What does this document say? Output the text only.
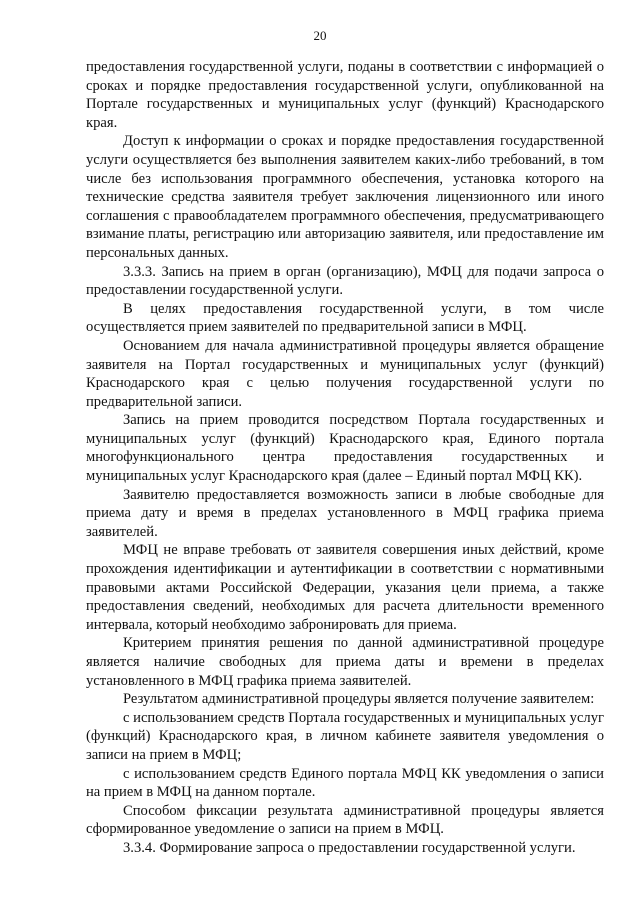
20

предоставления государственной услуги, поданы в соответствии с информацией о сроках и порядке предоставления государственной услуги, опубликованной на Портале государственных и муниципальных услуг (функций) Краснодарского края.

Доступ к информации о сроках и порядке предоставления государственной услуги осуществляется без выполнения заявителем каких-либо требований, в том числе без использования программного обеспечения, установка которого на технические средства заявителя требует заключения лицензионного или иного соглашения с правообладателем программного обеспечения, предусматривающего взимание платы, регистрацию или авторизацию заявителя, или предоставление им персональных данных.

3.3.3. Запись на прием в орган (организацию), МФЦ для подачи запроса о предоставлении государственной услуги.

В целях предоставления государственной услуги, в том числе осуществляется прием заявителей по предварительной записи в МФЦ.

Основанием для начала административной процедуры является обращение заявителя на Портал государственных и муниципальных услуг (функций) Краснодарского края с целью получения государственной услуги по предварительной записи.

Запись на прием проводится посредством Портала государственных и муниципальных услуг (функций) Краснодарского края, Единого портала многофункционального центра предоставления государственных и муниципальных услуг Краснодарского края (далее – Единый портал МФЦ КК).

Заявителю предоставляется возможность записи в любые свободные для приема дату и время в пределах установленного в МФЦ графика приема заявителей.

МФЦ не вправе требовать от заявителя совершения иных действий, кроме прохождения идентификации и аутентификации в соответствии с нормативными правовыми актами Российской Федерации, указания цели приема, а также предоставления сведений, необходимых для расчета длительности временного интервала, который необходимо забронировать для приема.

Критерием принятия решения по данной административной процедуре является наличие свободных для приема даты и времени в пределах установленного в МФЦ графика приема заявителей.

Результатом административной процедуры является получение заявителем:

с использованием средств Портала государственных и муниципальных услуг (функций) Краснодарского края, в личном кабинете заявителя уведомления о записи на прием в МФЦ;

с использованием средств Единого портала МФЦ КК уведомления о записи на прием в МФЦ на данном портале.

Способом фиксации результата административной процедуры является сформированное уведомление о записи на прием в МФЦ.

3.3.4. Формирование запроса о предоставлении государственной услуги.
